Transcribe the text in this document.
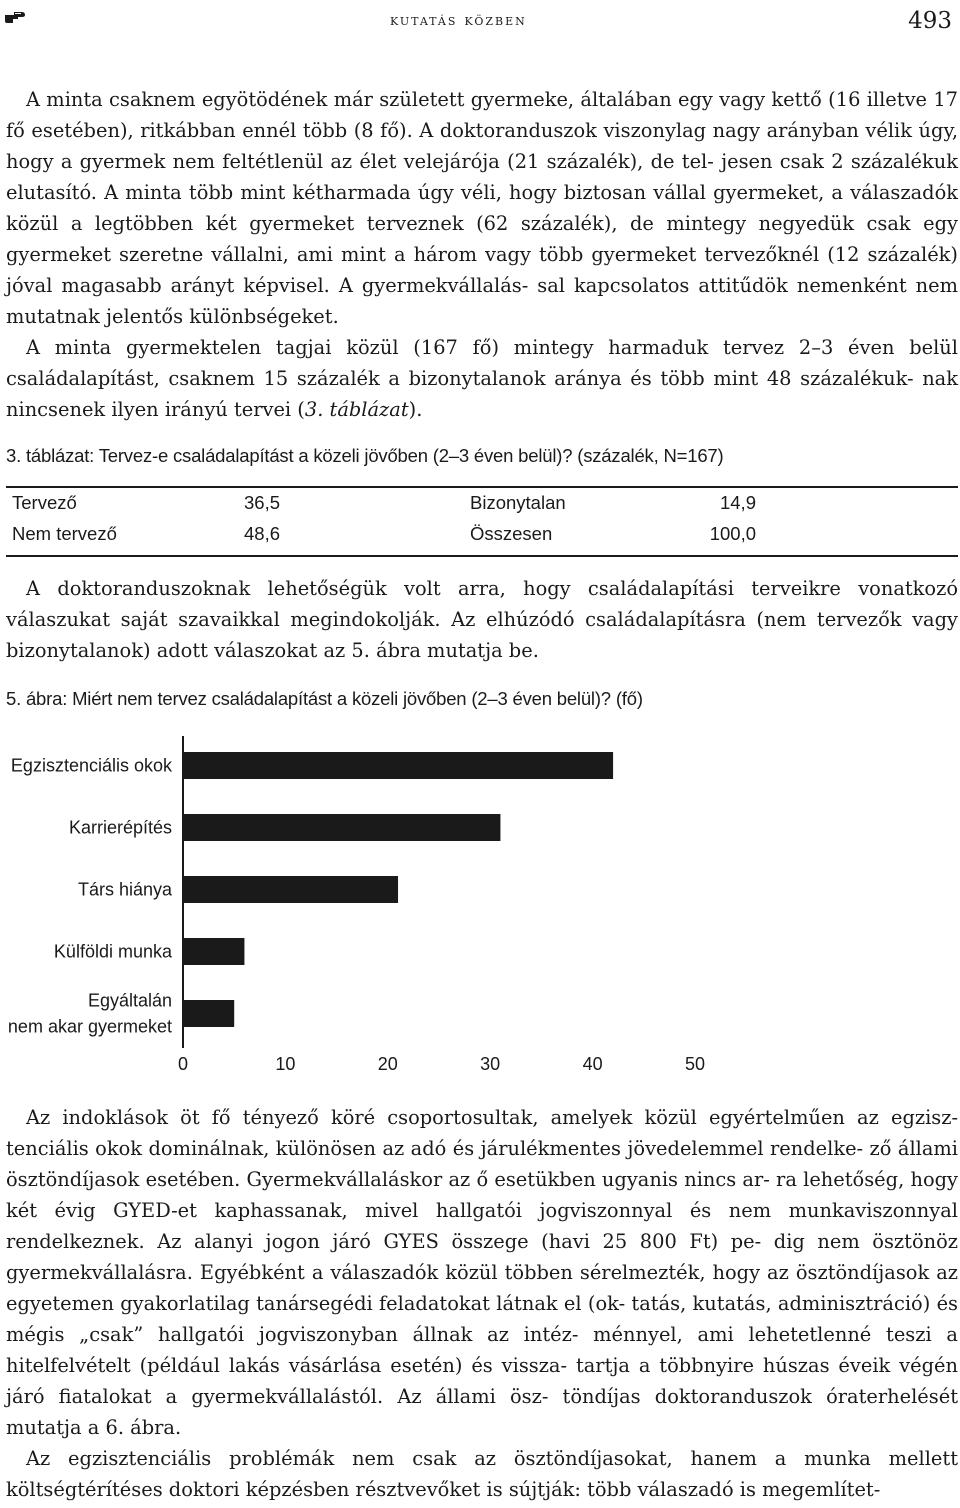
kutatás közben	493

A minta csaknem egyötödének már született gyermeke, általában egy vagy kettő (16 illetve 17 fő esetében), ritkábban ennél több (8 fő). A doktoranduszok viszonylag nagy arányban vélik úgy, hogy a gyermek nem feltétlenül az élet velejárója (21 százalék), de tel- jesen csak 2 százalékuk elutasító. A minta több mint kétharmada úgy véli, hogy biztosan vállal gyermeket, a válaszadók közül a legtöbben két gyermeket terveznek (62 százalék), de mintegy negyedük csak egy gyermeket szeretne vállalni, ami mint a három vagy több gyermeket tervezőknél (12 százalék) jóval magasabb arányt képvisel. A gyermekvállalás- sal kapcsolatos attitűdök nemenként nem mutatnak jelentős különbségeket.

A minta gyermektelen tagjai közül (167 fő) mintegy harmaduk tervez 2–3 éven belül családalapítást, csaknem 15 százalék a bizonytalanok aránya és több mint 48 százalékuk- nak nincsenek ilyen irányú tervei (3. táblázat).

3. táblázat: Tervez-e családalapítást a közeli jövőben (2–3 éven belül)? (százalék, N=167)
Tervező	36,5	Bizonytalan	14,9
Nem tervező	48,6	Összesen	100,0

A doktoranduszoknak lehetőségük volt arra, hogy családalapítási terveikre vonatkozó válaszukat saját szavaikkal megindokolják. Az elhúzódó családalapításra (nem tervezők vagy bizonytalanok) adott válaszokat az 5. ábra mutatja be.

5. ábra: Miért nem tervez családalapítást a közeli jövőben (2–3 éven belül)? (fő)
Egzisztenciális okok
Karrierépítés
Társ hiánya
Külföldi munka
Egyáltalán
nem akar gyermeket
0	10	20	30	40	50

Az indoklások öt fő tényező köré csoportosultak, amelyek közül egyértelműen az egzisz- tenciális okok dominálnak, különösen az adó és járulékmentes jövedelemmel rendelke- ző állami ösztöndíjasok esetében. Gyermekvállaláskor az ő esetükben ugyanis nincs ar- ra lehetőség, hogy két évig GYED-et kaphassanak, mivel hallgatói jogviszonnyal és nem munkaviszonnyal rendelkeznek. Az alanyi jogon járó GYES összege (havi 25 800 Ft) pe- dig nem ösztönöz gyermekvállalásra. Egyébként a válaszadók közül többen sérelmezték, hogy az ösztöndíjasok az egyetemen gyakorlatilag tanársegédi feladatokat látnak el (ok- tatás, kutatás, adminisztráció) és mégis „csak” hallgatói jogviszonyban állnak az intéz- ménnyel, ami lehetetlenné teszi a hitelfelvételt (például lakás vásárlása esetén) és vissza- tartja a többnyire húszas éveik végén járó fiatalokat a gyermekvállalástól. Az állami ösz- töndíjas doktoranduszok óraterhelését mutatja a 6. ábra.

Az egzisztenciális problémák nem csak az ösztöndíjasokat, hanem a munka mellett költségtérítéses doktori képzésben résztvevőket is sújtják: több válaszadó is megemlítet-
